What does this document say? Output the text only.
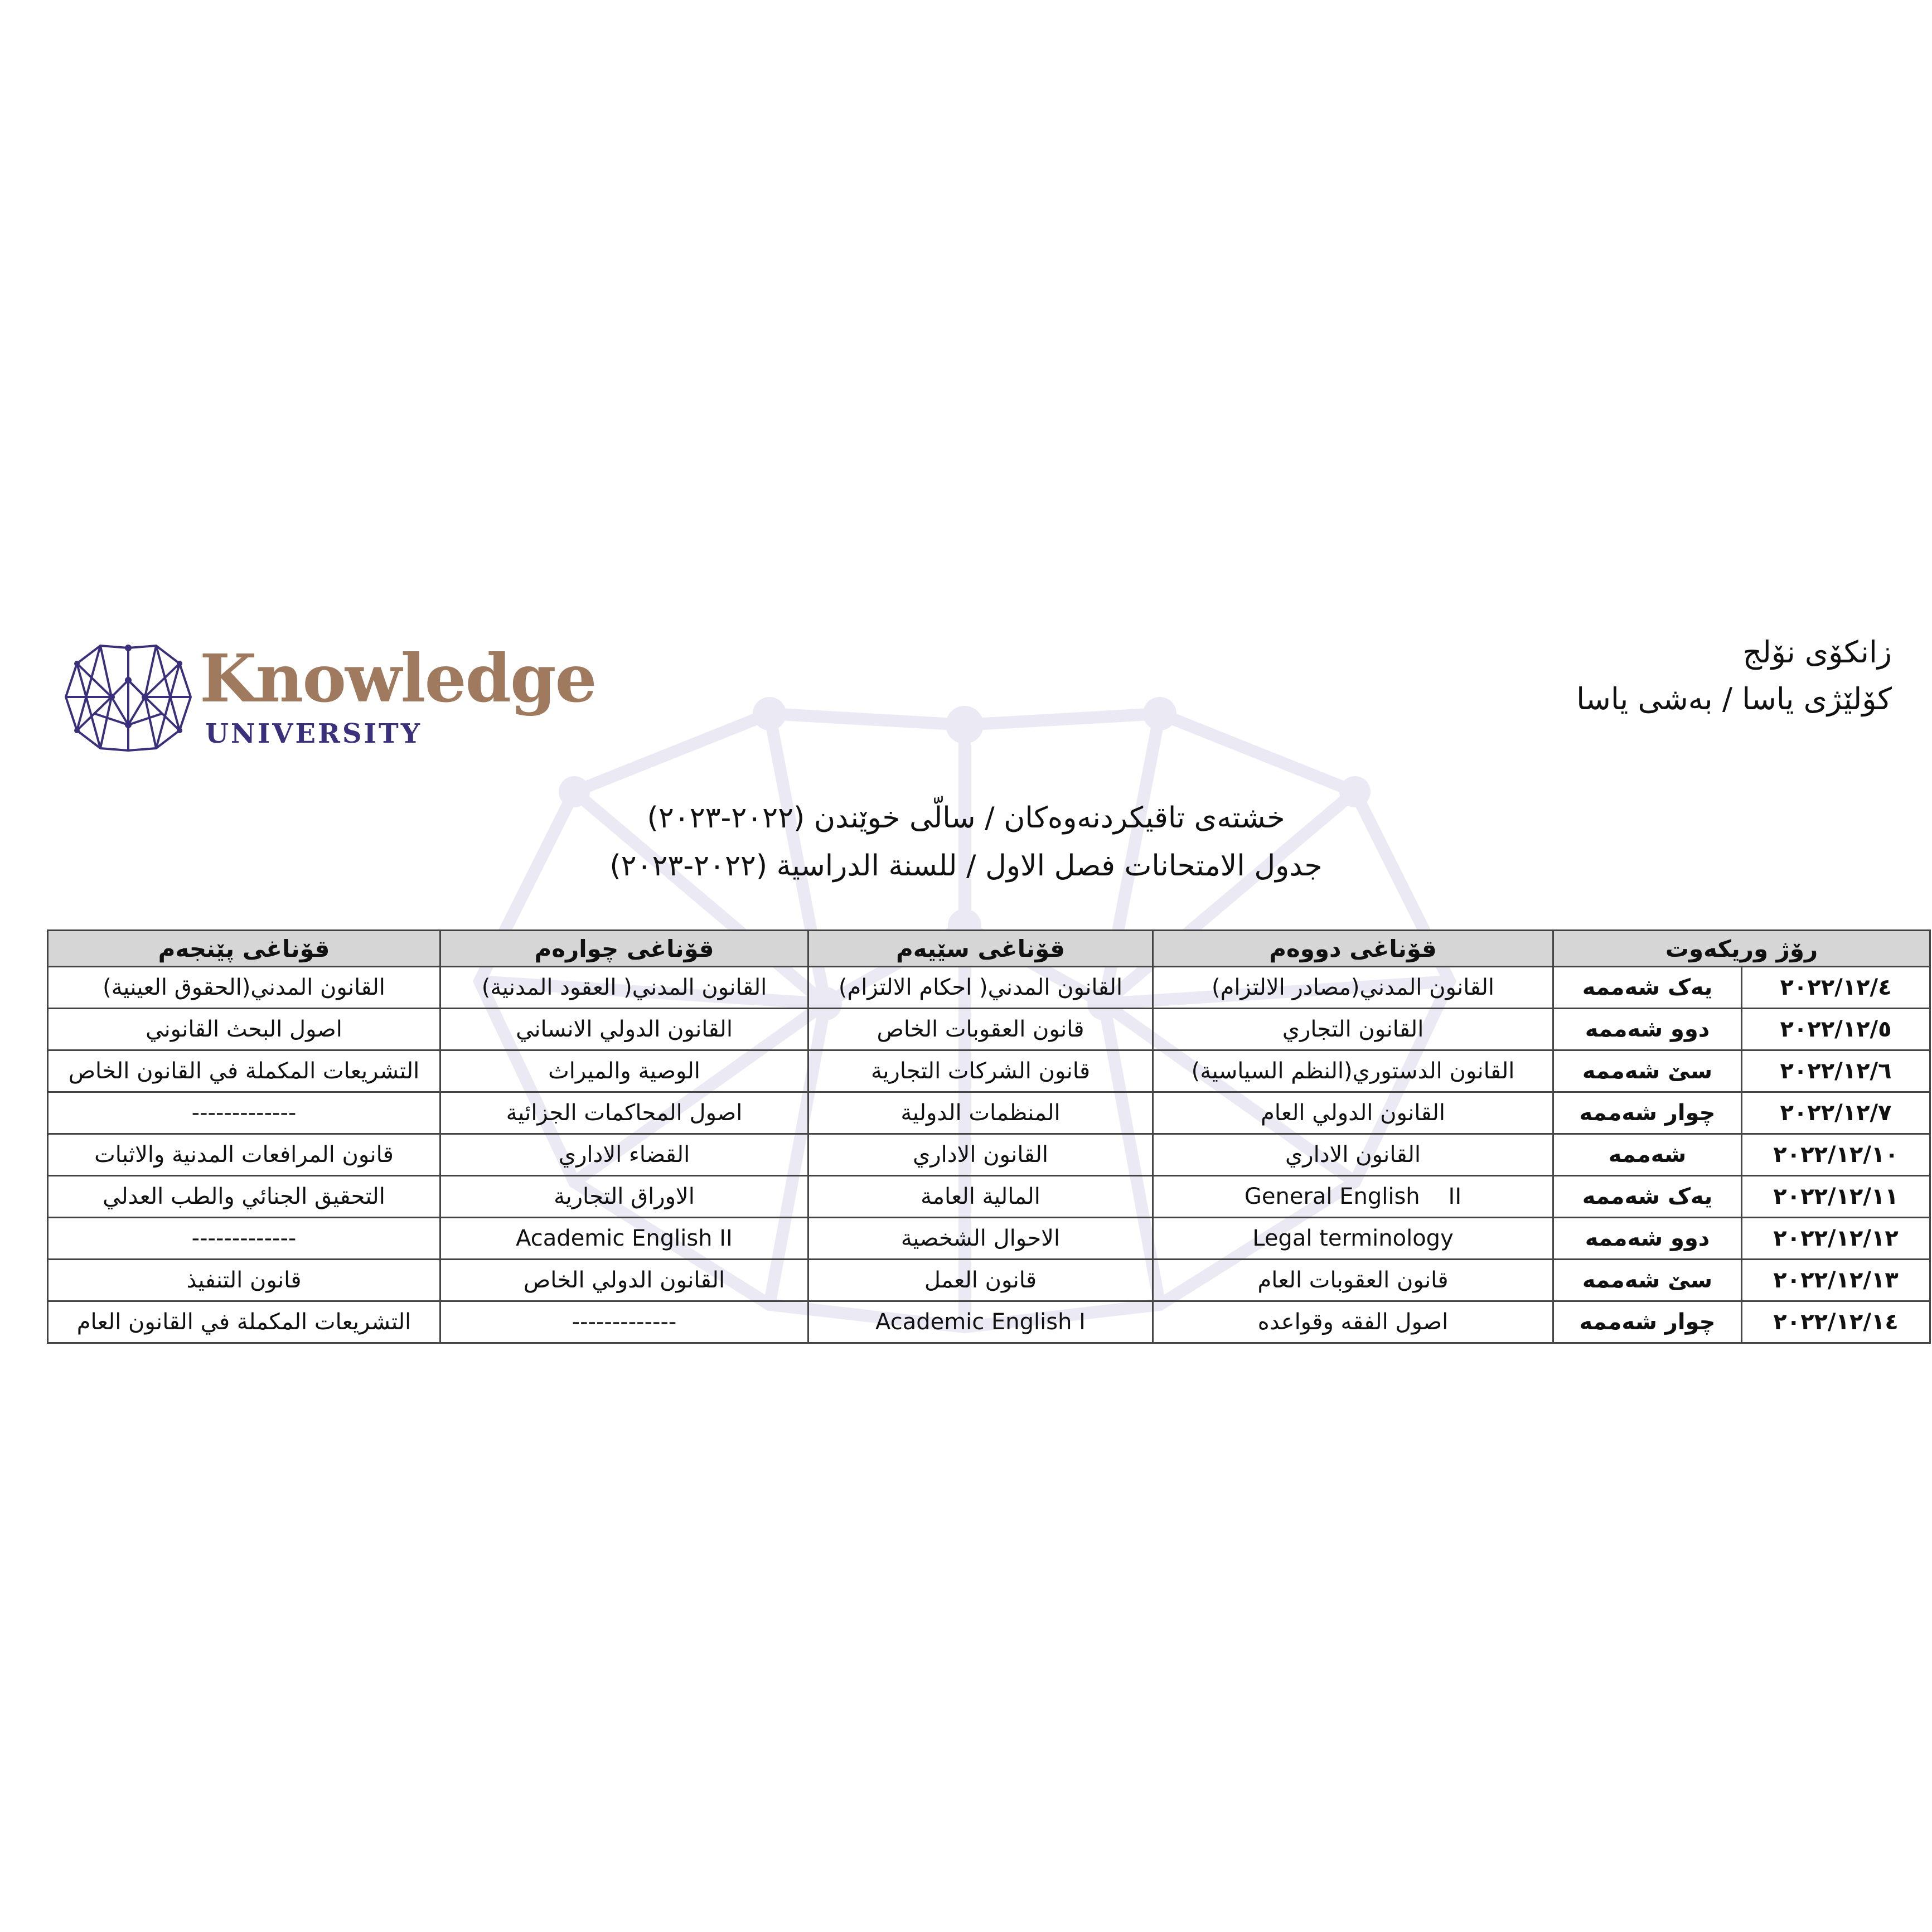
Knowledge
UNIVERSITY
زانكۆی نۆلج
كۆلێژى ياسا / بەشی ياسا
خشتەی تاقیکردنەوەكان / سالّی خوێندن (٢٠٢٢-٢٠٢٣)
جدول الامتحانات فصل الاول / للسنة الدراسية (٢٠٢٢-٢٠٢٣)
رۆژ وريكەوت		قۆناغی دووەم	قۆناغی سێيەم	قۆناغی چوارەم	قۆناغی پێنجەم
٢٠٢٢/١٢/٤	يەک شەممە	القانون المدني(مصادر الالتزام)	القانون المدني( احكام الالتزام)	القانون المدني( العقود المدنية)	القانون المدني(الحقوق العينية)
٢٠٢٢/١٢/٥	دوو شەممە	القانون التجاري	قانون العقوبات الخاص	القانون الدولي الانساني	اصول البحث القانوني
٢٠٢٢/١٢/٦	سێ شەممە	القانون الدستوري(النظم السياسية)	قانون الشركات التجارية	الوصية والميراث	التشريعات المكملة في القانون الخاص
٢٠٢٢/١٢/٧	چوار شەممە	القانون الدولي العام	المنظمات الدولية	اصول المحاكمات الجزائية	-------------
٢٠٢٢/١٢/١٠	شەممە	القانون الاداري	القانون الاداري	القضاء الاداري	قانون المرافعات المدنية والاثبات
٢٠٢٢/١٢/١١	يەک شەممە	General English    II	المالية العامة	الاوراق التجارية	التحقيق الجنائي والطب العدلي
٢٠٢٢/١٢/١٢	دوو شەممە	Legal terminology	الاحوال الشخصية	Academic English II	-------------
٢٠٢٢/١٢/١٣	سێ شەممە	قانون العقوبات العام	قانون العمل	القانون الدولي الخاص	قانون التنفيذ
٢٠٢٢/١٢/١٤	چوار شەممە	اصول الفقه وقواعده	Academic English I	-------------	التشريعات المكملة في القانون العام
